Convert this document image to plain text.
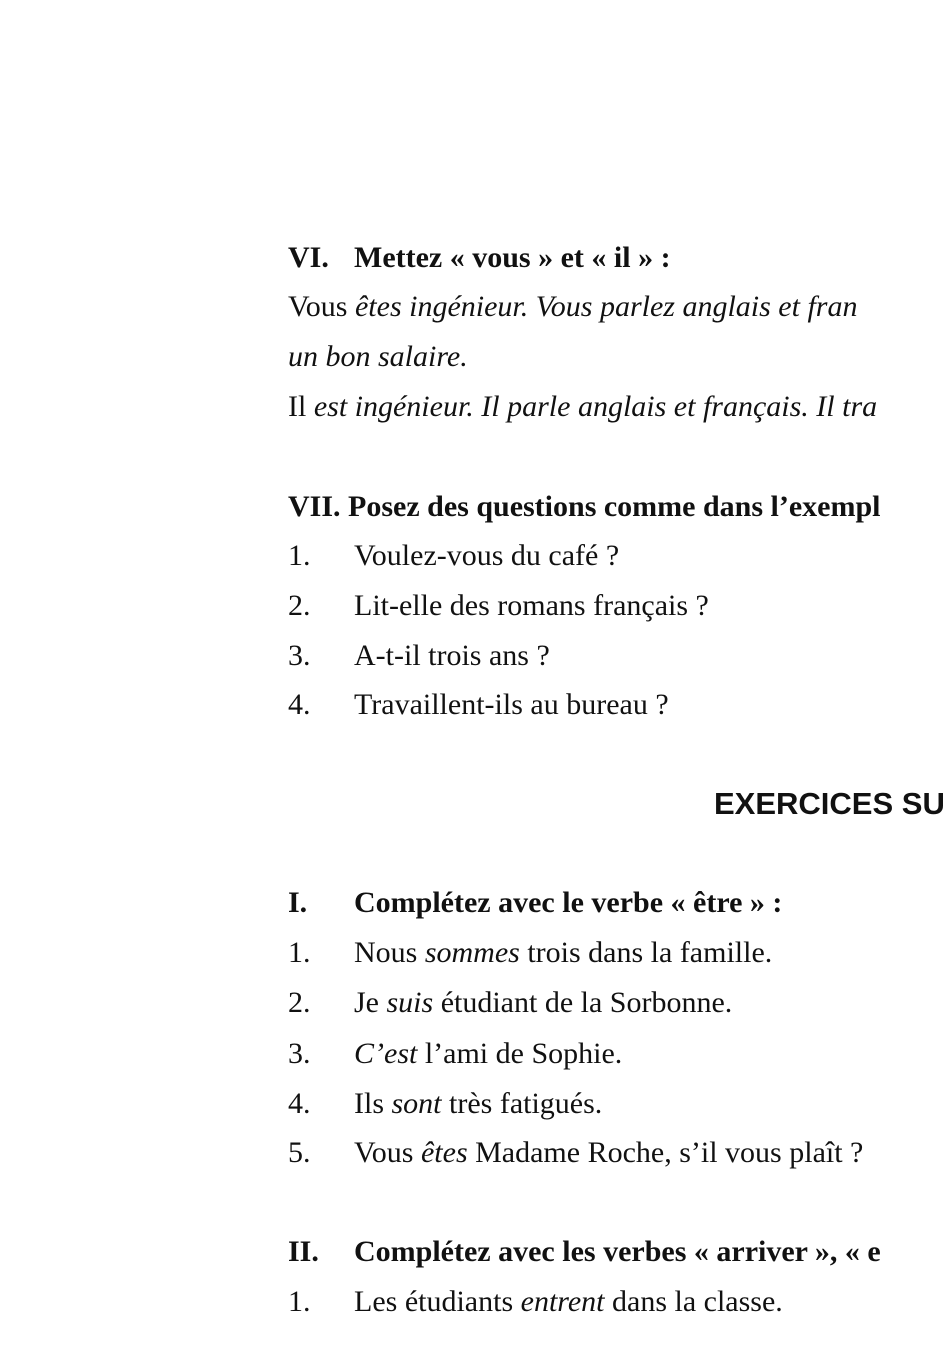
VI. Mettez « vous » et « il » :
Vous êtes ingénieur. Vous parlez anglais et fran
un bon salaire.
Il est ingénieur. Il parle anglais et français. Il tra
VII. Posez des questions comme dans l’exempl
1. Voulez-vous du café ?
2. Lit-elle des romans français ?
3. A-t-il trois ans ?
4. Travaillent-ils au bureau ?
EXERCICES SU
I. Complétez avec le verbe « être » :
1. Nous sommes trois dans la famille.
2. Je suis étudiant de la Sorbonne.
3. C’est l’ami de Sophie.
4. Ils sont très fatigués.
5. Vous êtes Madame Roche, s’il vous plaît ?
II. Complétez avec les verbes « arriver », « e
1. Les étudiants entrent dans la classe.
